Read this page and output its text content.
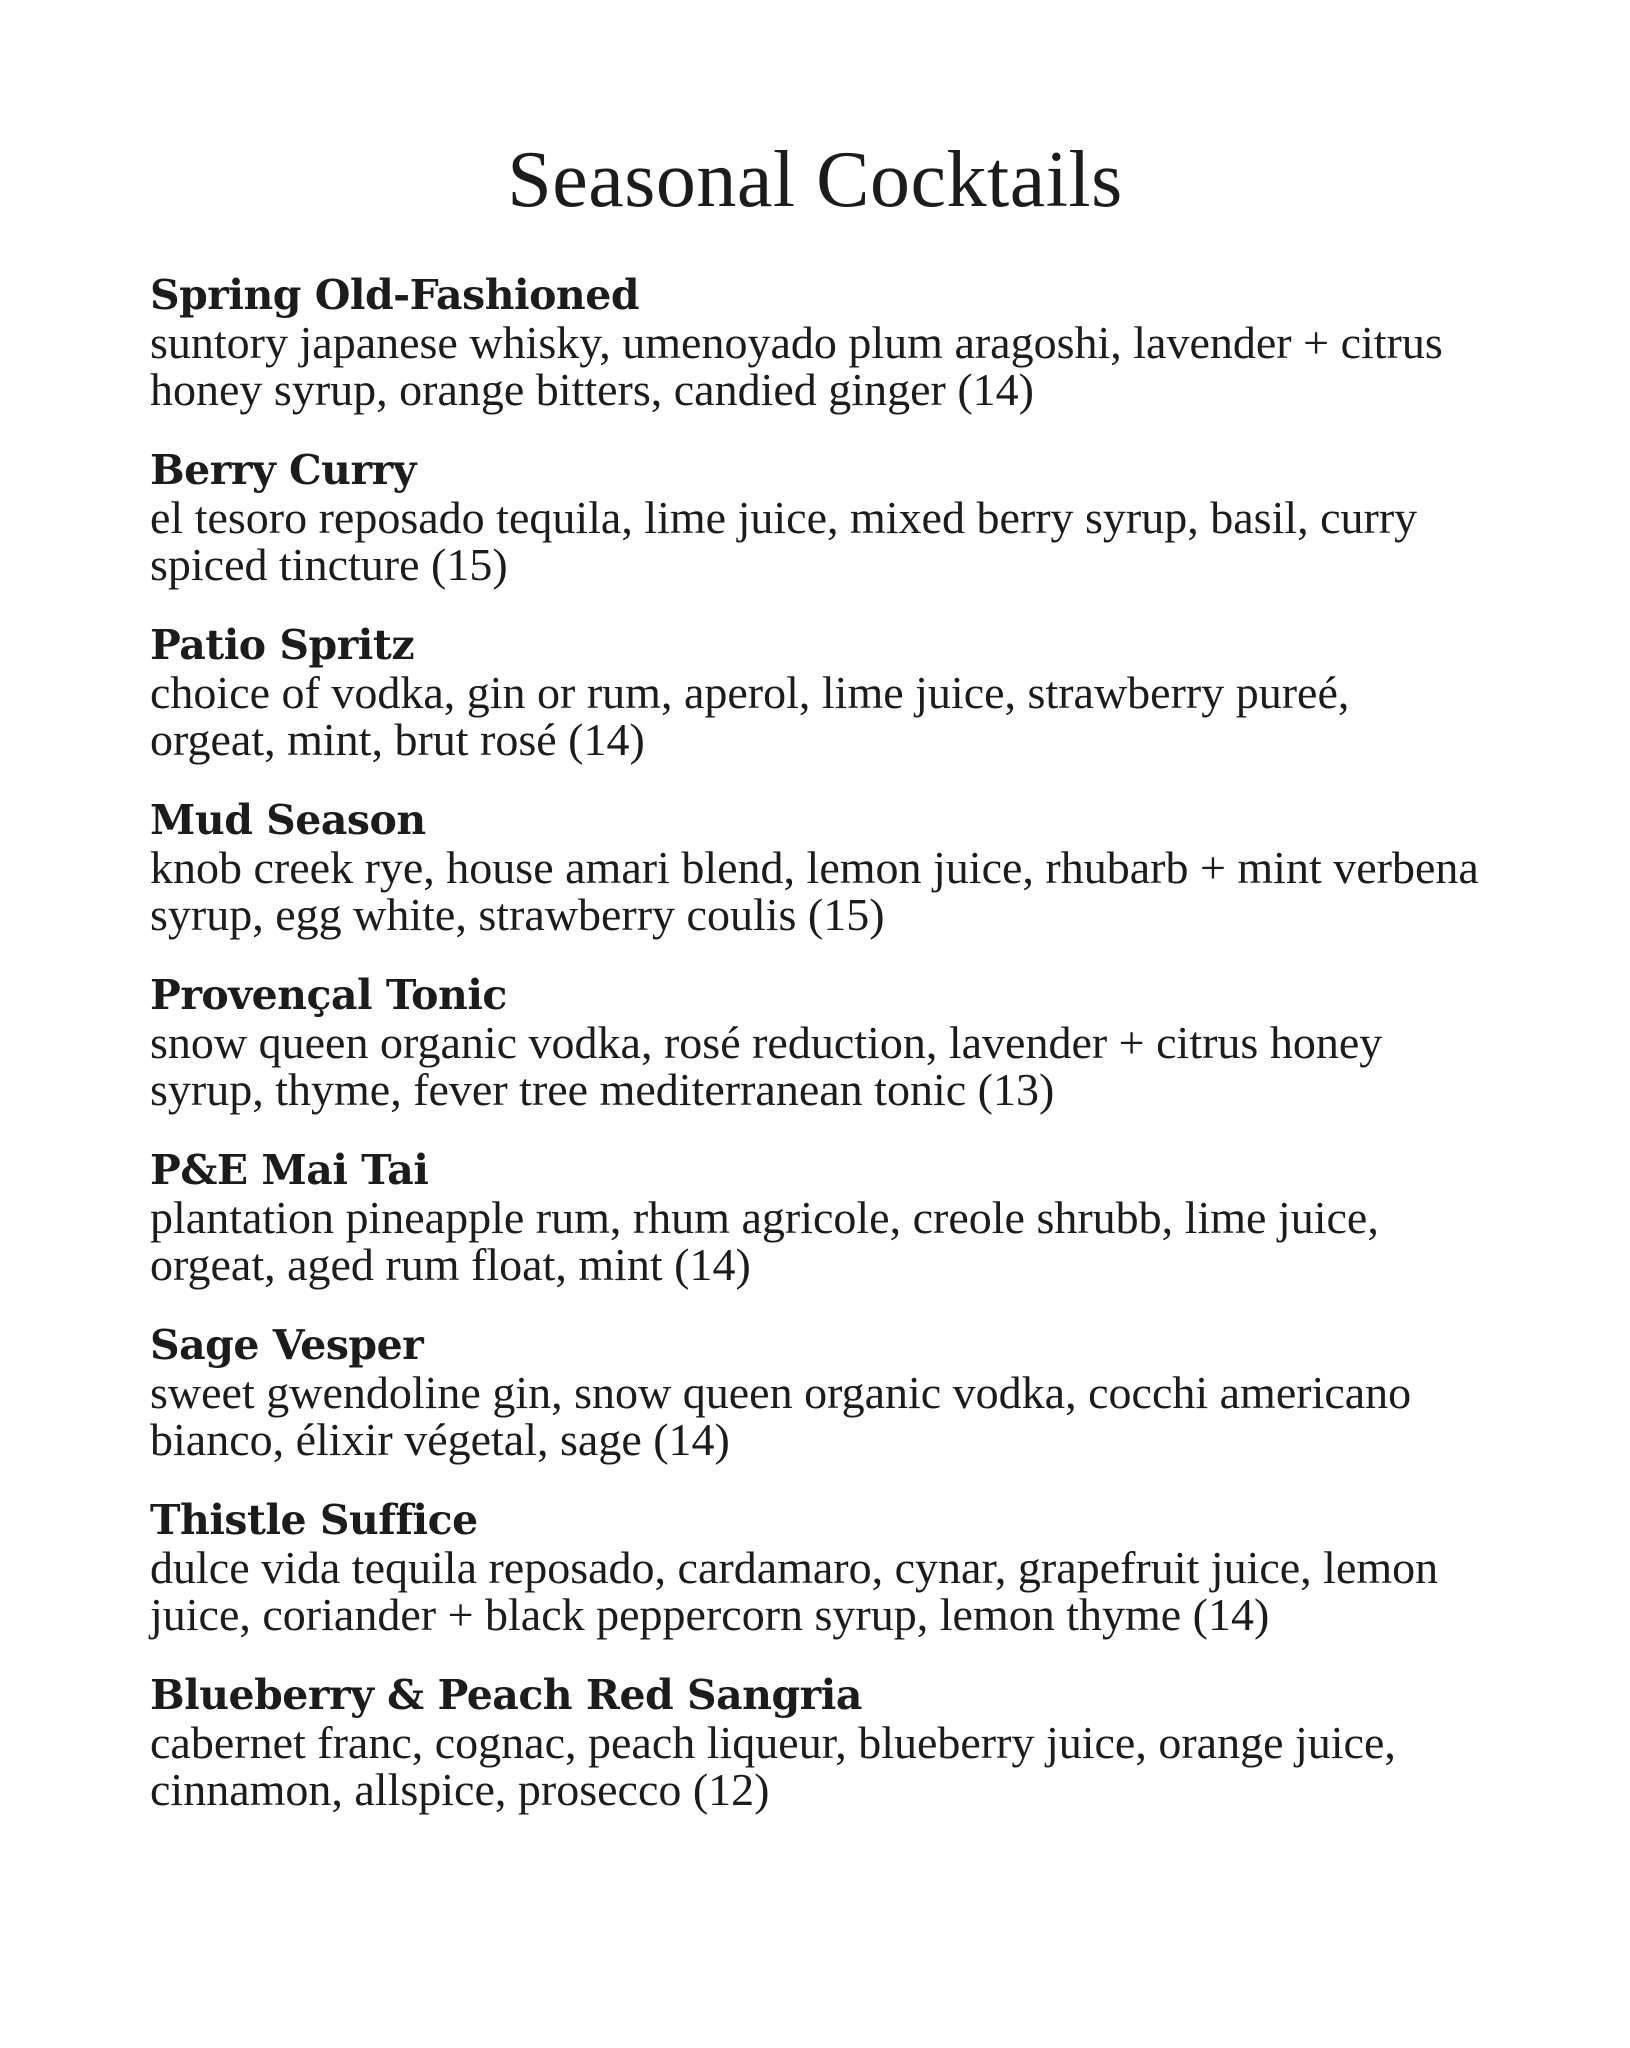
Seasonal Cocktails
Spring Old-Fashioned
suntory japanese whisky, umenoyado plum aragoshi, lavender + citrus honey syrup, orange bitters, candied ginger (14)
Berry Curry
el tesoro reposado tequila, lime juice, mixed berry syrup, basil, curry spiced tincture (15)
Patio Spritz
choice of vodka, gin or rum, aperol, lime juice, strawberry pureé, orgeat, mint, brut rosé (14)
Mud Season
knob creek rye, house amari blend, lemon juice, rhubarb + mint verbena syrup, egg white, strawberry coulis (15)
Provençal Tonic
snow queen organic vodka, rosé reduction, lavender + citrus honey syrup, thyme, fever tree mediterranean tonic (13)
P&E Mai Tai
plantation pineapple rum, rhum agricole, creole shrubb, lime juice, orgeat, aged rum float, mint (14)
Sage Vesper
sweet gwendoline gin, snow queen organic vodka, cocchi americano bianco, élixir végetal, sage (14)
Thistle Suffice
dulce vida tequila reposado, cardamaro, cynar, grapefruit juice, lemon juice, coriander + black peppercorn syrup, lemon thyme (14)
Blueberry & Peach Red Sangria
cabernet franc, cognac, peach liqueur, blueberry juice, orange juice, cinnamon, allspice, prosecco (12)
